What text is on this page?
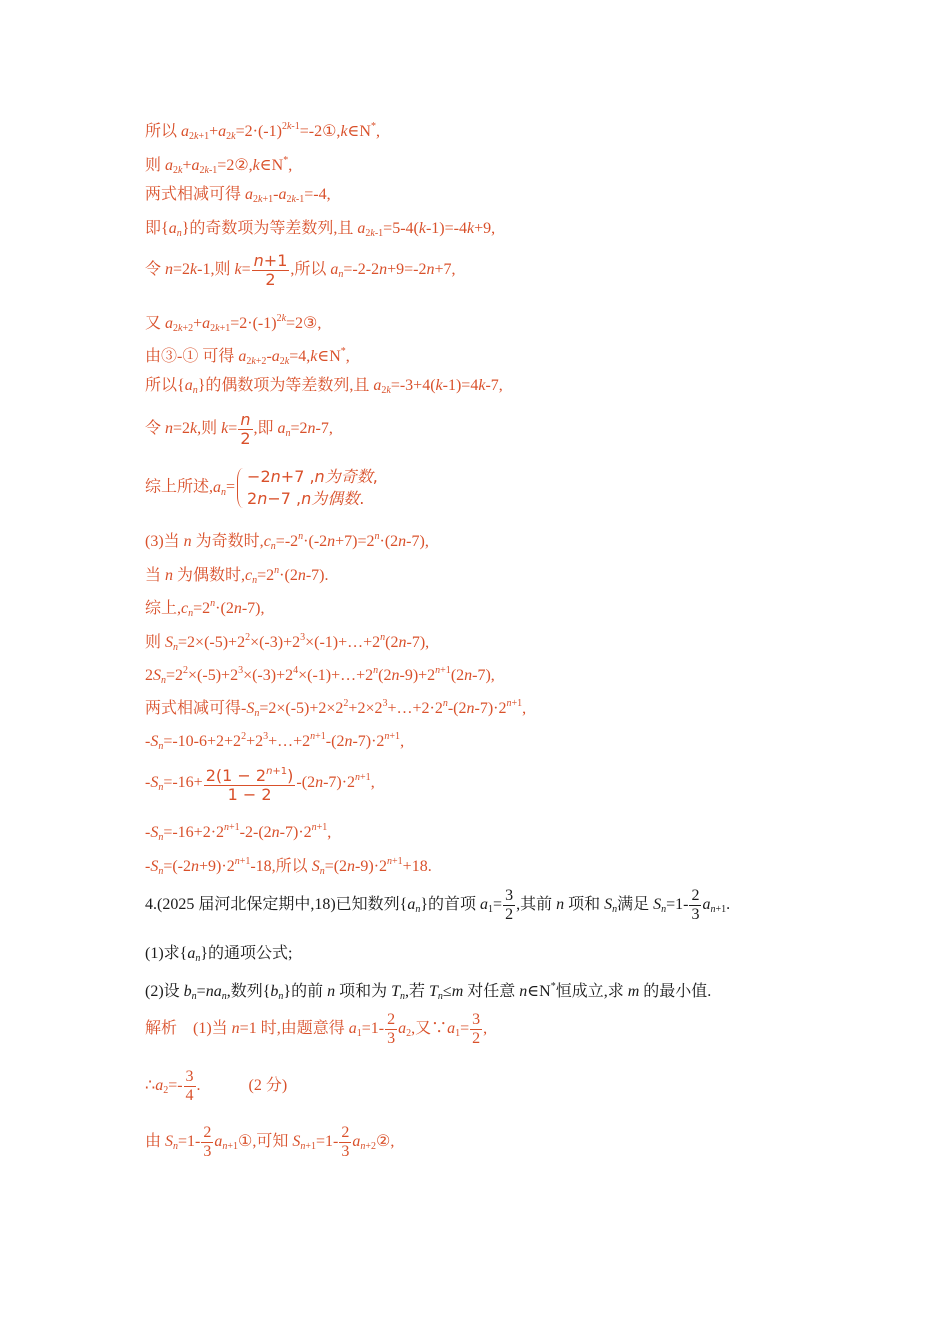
所以 $a_{2k+1}+a_{2k}=2\cdot(-1)^{2k-1}=-2①,k\in N^*$,
则 $a_{2k}+a_{2k-1}=2②,k\in N^*$,
两式相减可得 $a_{2k+1}-a_{2k-1}=-4$,
即$\{a_n\}$的奇数项为等差数列,且 $a_{2k-1}=5-4(k-1)=-4k+9$,
令 n=2k-1,则 $k= \frac{n+1}{2}$ ,所以 $a_n=-2-2n+9=-2n+7$,
又 $a_{2k+2}+a_{2k+1}=2\cdot(-1)^{2k}=2③$,
由③-① 可得 $a_{2k+2}-a_{2k}=4,k\in N^*$,
所以$\{a_n\}$的偶数项为等差数列,且 $a_{2k}=-3+4(k-1)=4k-7$,
令 n=2k,则 $k= \frac{n}{2}$ ,即 $a_n=2n-7$,
综上所述$,a_n=$
−2n+7 ,n为奇数,
2n−7 ,n为偶数.
(3)当 n 为奇数时$,c_n=-2^n\cdot(-2n+7)=2^n\cdot(2n-7)$,
当 n 为偶数时$,c_n=2^n\cdot(2n-7)$.
综上$,c_n=2^n\cdot(2n-7)$,
则 $S_n=2\times(-5)+2^2\times(-3)+2^3\times(-1)+\dots+2^n(2n-7)$,
$2S_n=2^2\times(-5)+2^3\times(-3)+2^4\times(-1)+\dots+2^n(2n-9)+2^{n+1}(2n-7)$,
两式相减可得$-S_n=2\times(-5)+2\times 2^2+2\times 2^3+\dots+2\cdot 2^n-(2n-7)\cdot 2^{n+1}$,
$-S_n=-10-6+2+2^2+2^3+\dots+2^{n+1}-(2n-7)\cdot 2^{n+1}$,
$-S_n=-16+ \frac{2(1 - 2^{n+1})}{1 - 2} -(2n-7)\cdot 2^{n+1}$,
$-S_n=-16+2\cdot 2^{n+1}-2-(2n-7)\cdot 2^{n+1}$,
$-S_n=(-2n+9)\cdot 2^{n+1}-18$,所以 $S_n=(2n-9)\cdot 2^{n+1}+18$.
4.(2025 届河北保定期中,18)已知数列$\{a_n\}$的首项 $a_1= \frac{3}{2}$ ,其前 n 项和 $S_n$满足 $S_n=1- \frac{2}{3} a_{n+1}$.
(1)求$\{a_n\}$的通项公式;
(2)设 $b_n=na_n$,数列$\{b_n\}$的前 n 项和为 $T_n$,若 $T_n\le m$ 对任意 n∈N*恒成立,求 m 的最小值.
解析    (1)当 n=1 时,由题意得 $a_1=1- \frac{2}{3} a_2$,又$\because a_1= \frac{3}{2}$ ,
$\therefore a_2=- \frac{3}{4}$ .            (2 分)
由 $S_n=1- \frac{2}{3}$ $a_{n+1}①$,可知 $S_{n+1}=1- \frac{2}{3}$ $a_{n+2}②$,
